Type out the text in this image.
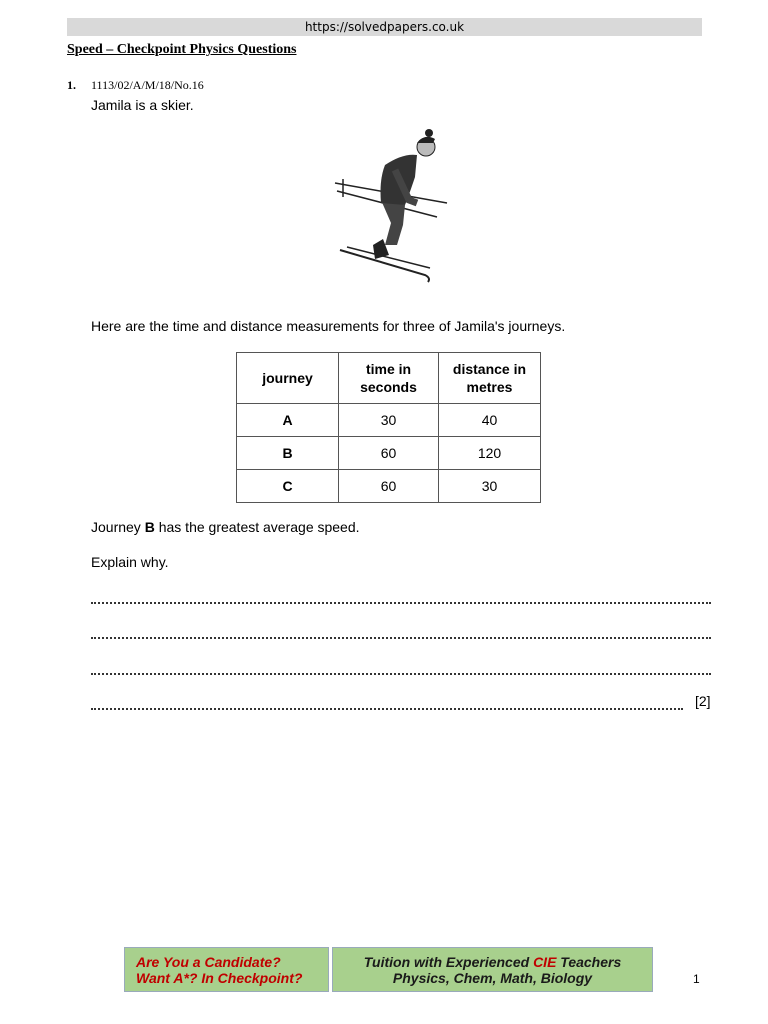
https://solvedpapers.co.uk
Speed – Checkpoint Physics Questions
1. 1113/02/A/M/18/No.16
Jamila is a skier.
Here are the time and distance measurements for three of Jamila's journeys.
journey	time in seconds	distance in metres
A	30	40
B	60	120
C	60	30
Journey B has the greatest average speed.
Explain why.
[2]
Are You a Candidate?
Want A*? In Checkpoint?
Tuition with Experienced CIE Teachers
Physics, Chem, Math, Biology	1
